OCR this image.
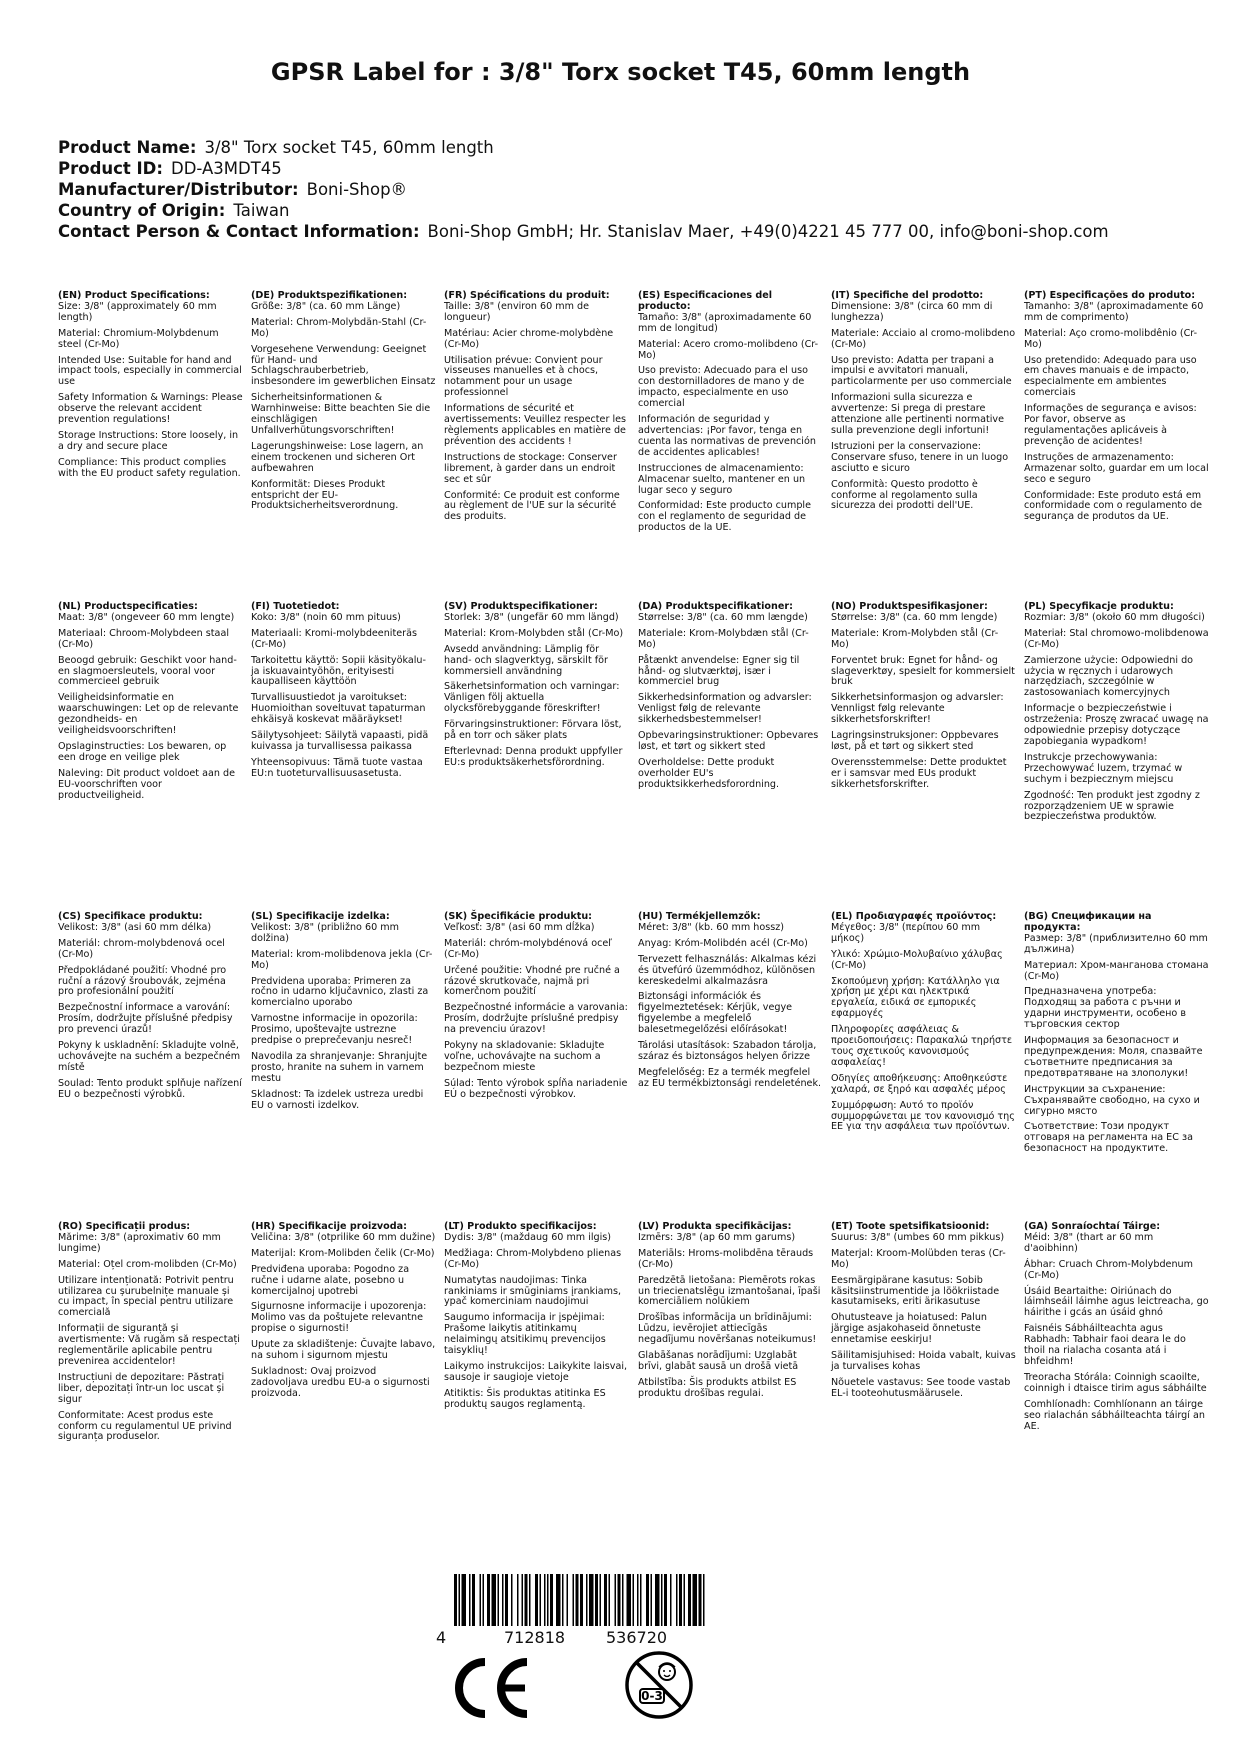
GPSR Label for : 3/8" Torx socket T45, 60mm length
Product Name: 3/8" Torx socket T45, 60mm length
Product ID: DD-A3MDT45
Manufacturer/Distributor: Boni-Shop®
Country of Origin: Taiwan
Contact Person & Contact Information: Boni-Shop GmbH; Hr. Stanislav Maer, +49(0)4221 45 777 00, info@boni-shop.com
(EN) Product Specifications:
Size: 3/8" (approximately 60 mm length)
Material: Chromium-Molybdenum steel (Cr-Mo)
Intended Use: Suitable for hand and impact tools, especially in commercial use
Safety Information & Warnings: Please observe the relevant accident prevention regulations!
Storage Instructions: Store loosely, in a dry and secure place
Compliance: This product complies with the EU product safety regulation.
(DE) Produktspezifikationen:
Größe: 3/8" (ca. 60 mm Länge)
Material: Chrom-Molybdän-Stahl (Cr-Mo)
Vorgesehene Verwendung: Geeignet für Hand- und Schlagschrauberbetrieb, insbesondere im gewerblichen Einsatz
Sicherheitsinformationen & Warnhinweise: Bitte beachten Sie die einschlägigen Unfallverhütungsvorschriften!
Lagerungshinweise: Lose lagern, an einem trockenen und sicheren Ort aufbewahren
Konformität: Dieses Produkt entspricht der EU-Produktsicherheitsverordnung.
(FR) Spécifications du produit:
Taille: 3/8" (environ 60 mm de longueur)
Matériau: Acier chrome-molybdène (Cr-Mo)
Utilisation prévue: Convient pour visseuses manuelles et à chocs, notamment pour un usage professionnel
Informations de sécurité et avertissements: Veuillez respecter les règlements applicables en matière de prévention des accidents !
Instructions de stockage: Conserver librement, à garder dans un endroit sec et sûr
Conformité: Ce produit est conforme au règlement de l'UE sur la sécurité des produits.
(ES) Especificaciones del producto:
Tamaño: 3/8" (aproximadamente 60 mm de longitud)
Material: Acero cromo-molibdeno (Cr-Mo)
Uso previsto: Adecuado para el uso con destornilladores de mano y de impacto, especialmente en uso comercial
Información de seguridad y advertencias: ¡Por favor, tenga en cuenta las normativas de prevención de accidentes aplicables!
Instrucciones de almacenamiento: Almacenar suelto, mantener en un lugar seco y seguro
Conformidad: Este producto cumple con el reglamento de seguridad de productos de la UE.
(IT) Specifiche del prodotto:
Dimensione: 3/8" (circa 60 mm di lunghezza)
Materiale: Acciaio al cromo-molibdeno (Cr-Mo)
Uso previsto: Adatta per trapani a impulsi e avvitatori manuali, particolarmente per uso commerciale
Informazioni sulla sicurezza e avvertenze: Si prega di prestare attenzione alle pertinenti normative sulla prevenzione degli infortuni!
Istruzioni per la conservazione: Conservare sfuso, tenere in un luogo asciutto e sicuro
Conformità: Questo prodotto è conforme al regolamento sulla sicurezza dei prodotti dell'UE.
(PT) Especificações do produto:
Tamanho: 3/8" (aproximadamente 60 mm de comprimento)
Material: Aço cromo-molibdênio (Cr-Mo)
Uso pretendido: Adequado para uso em chaves manuais e de impacto, especialmente em ambientes comerciais
Informações de segurança e avisos: Por favor, observe as regulamentações aplicáveis à prevenção de acidentes!
Instruções de armazenamento: Armazenar solto, guardar em um local seco e seguro
Conformidade: Este produto está em conformidade com o regulamento de segurança de produtos da UE.
(NL) Productspecificaties:
Maat: 3/8" (ongeveer 60 mm lengte)
Materiaal: Chroom-Molybdeen staal (Cr-Mo)
Beoogd gebruik: Geschikt voor hand- en slagmoersleutels, vooral voor commercieel gebruik
Veiligheidsinformatie en waarschuwingen: Let op de relevante gezondheids- en veiligheidsvoorschriften!
Opslaginstructies: Los bewaren, op een droge en veilige plek
Naleving: Dit product voldoet aan de EU-voorschriften voor productveiligheid.
(FI) Tuotetiedot:
Koko: 3/8" (noin 60 mm pituus)
Materiaali: Kromi-molybdeeniteräs (Cr-Mo)
Tarkoitettu käyttö: Sopii käsityökalu- ja iskuavaintyöhön, erityisesti kaupalliseen käyttöön
Turvallisuustiedot ja varoitukset: Huomioithan soveltuvat tapaturman ehkäisyä koskevat määräykset!
Säilytysohjeet: Säilytä vapaasti, pidä kuivassa ja turvallisessa paikassa
Yhteensopivuus: Tämä tuote vastaa EU:n tuoteturvallisuusasetusta.
(SV) Produktspecifikationer:
Storlek: 3/8" (ungefär 60 mm längd)
Material: Krom-Molybden stål (Cr-Mo)
Avsedd användning: Lämplig för hand- och slagverktyg, särskilt för kommersiell användning
Säkerhetsinformation och varningar: Vänligen följ aktuella olycksförebyggande föreskrifter!
Förvaringsinstruktioner: Förvara löst, på en torr och säker plats
Efterlevnad: Denna produkt uppfyller EU:s produktsäkerhetsförordning.
(DA) Produktspecifikationer:
Størrelse: 3/8" (ca. 60 mm længde)
Materiale: Krom-Molybdæn stål (Cr-Mo)
Påtænkt anvendelse: Egner sig til hånd- og slutværktøj, især i kommerciel brug
Sikkerhedsinformation og advarsler: Venligst følg de relevante sikkerhedsbestemmelser!
Opbevaringsinstruktioner: Opbevares løst, et tørt og sikkert sted
Overholdelse: Dette produkt overholder EU's produktsikkerhedsforordning.
(NO) Produktspesifikasjoner:
Størrelse: 3/8" (ca. 60 mm lengde)
Materiale: Krom-Molybden stål (Cr-Mo)
Forventet bruk: Egnet for hånd- og slageverktøy, spesielt for kommersielt bruk
Sikkerhetsinformasjon og advarsler: Vennligst følg relevante sikkerhetsforskrifter!
Lagringsinstruksjoner: Oppbevares løst, på et tørt og sikkert sted
Overensstemmelse: Dette produktet er i samsvar med EUs produkt sikkerhetsforskrifter.
(PL) Specyfikacje produktu:
Rozmiar: 3/8" (około 60 mm długości)
Materiał: Stal chromowo-molibdenowa (Cr-Mo)
Zamierzone użycie: Odpowiedni do użycia w ręcznych i udarowych narzędziach, szczególnie w zastosowaniach komercyjnych
Informacje o bezpieczeństwie i ostrzeżenia: Proszę zwracać uwagę na odpowiednie przepisy dotyczące zapobiegania wypadkom!
Instrukcje przechowywania: Przechowywać luzem, trzymać w suchym i bezpiecznym miejscu
Zgodność: Ten produkt jest zgodny z rozporządzeniem UE w sprawie bezpieczeństwa produktów.
(CS) Specifikace produktu:
Velikost: 3/8" (asi 60 mm délka)
Materiál: chrom-molybdenová ocel (Cr-Mo)
Předpokládané použití: Vhodné pro ruční a rázový šroubovák, zejména pro profesionální použití
Bezpečnostní informace a varování: Prosím, dodržujte příslušné předpisy pro prevenci úrazů!
Pokyny k uskladnění: Skladujte volně, uchovávejte na suchém a bezpečném místě
Soulad: Tento produkt splňuje nařízení EU o bezpečnosti výrobků.
(SL) Specifikacije izdelka:
Velikost: 3/8" (približno 60 mm dolžina)
Material: krom-molibdenova jekla (Cr-Mo)
Predvidena uporaba: Primeren za ročno in udarno ključavnico, zlasti za komercialno uporabo
Varnostne informacije in opozorila: Prosimo, upoštevajte ustrezne predpise o preprečevanju nesreč!
Navodila za shranjevanje: Shranjujte prosto, hranite na suhem in varnem mestu
Skladnost: Ta izdelek ustreza uredbi EU o varnosti izdelkov.
(SK) Špecifikácie produktu:
Veľkosť: 3/8" (asi 60 mm dĺžka)
Materiál: chróm-molybdénová oceľ (Cr-Mo)
Určené použitie: Vhodné pre ručné a rázové skrutkovače, najmä pri komerčnom použití
Bezpečnostné informácie a varovania: Prosím, dodržujte príslušné predpisy na prevenciu úrazov!
Pokyny na skladovanie: Skladujte voľne, uchovávajte na suchom a bezpečnom mieste
Súlad: Tento výrobok spĺňa nariadenie EÚ o bezpečnosti výrobkov.
(HU) Termékjellemzők:
Méret: 3/8" (kb. 60 mm hossz)
Anyag: Króm-Molibdén acél (Cr-Mo)
Tervezett felhasználás: Alkalmas kézi és ütvefúró üzemmódhoz, különösen kereskedelmi alkalmazásra
Biztonsági információk és figyelmeztetések: Kérjük, vegye figyelembe a megfelelő balesetmegelőzési előírásokat!
Tárolási utasítások: Szabadon tárolja, száraz és biztonságos helyen őrizze
Megfelelőség: Ez a termék megfelel az EU termékbiztonsági rendeletének.
(EL) Προδιαγραφές προϊόντος:
Μέγεθος: 3/8" (περίπου 60 mm μήκος)
Υλικό: Χρώμιο-Μολυβαίνιο χάλυβας (Cr-Mo)
Σκοπούμενη χρήση: Κατάλληλο για χρήση με χέρι και ηλεκτρικά εργαλεία, ειδικά σε εμπορικές εφαρμογές
Πληροφορίες ασφάλειας & προειδοποιήσεις: Παρακαλώ τηρήστε τους σχετικούς κανονισμούς ασφαλείας!
Οδηγίες αποθήκευσης: Αποθηκεύστε χαλαρά, σε ξηρό και ασφαλές μέρος
Συμμόρφωση: Αυτό το προϊόν συμμορφώνεται με τον κανονισμό της ΕΕ για την ασφάλεια των προϊόντων.
(BG) Спецификации на продукта:
Размер: 3/8" (приблизително 60 mm дължина)
Материал: Хром-манганова стомана (Cr-Mo)
Предназначена употреба: Подходящ за работа с ръчни и ударни инструменти, особено в търговския сектор
Информация за безопасност и предупреждения: Моля, спазвайте съответните предписания за предотвратяване на злополуки!
Инструкции за съхранение: Съхранявайте свободно, на сухо и сигурно място
Съответствие: Този продукт отговаря на регламента на ЕС за безопасност на продуктите.
(RO) Specificații produs:
Mărime: 3/8" (aproximativ 60 mm lungime)
Material: Oțel crom-molibden (Cr-Mo)
Utilizare intenționată: Potrivit pentru utilizarea cu șurubelnițe manuale și cu impact, în special pentru utilizare comercială
Informații de siguranță și avertismente: Vă rugăm să respectați reglementările aplicabile pentru prevenirea accidentelor!
Instrucțiuni de depozitare: Păstrați liber, depozitați într-un loc uscat și sigur
Conformitate: Acest produs este conform cu regulamentul UE privind siguranța produselor.
(HR) Specifikacije proizvoda:
Veličina: 3/8" (otprilike 60 mm dužine)
Materijal: Krom-Molibden čelik (Cr-Mo)
Predviđena uporaba: Pogodno za ručne i udarne alate, posebno u komercijalnoj upotrebi
Sigurnosne informacije i upozorenja: Molimo vas da poštujete relevantne propise o sigurnosti!
Upute za skladištenje: Čuvajte labavo, na suhom i sigurnom mjestu
Sukladnost: Ovaj proizvod zadovoljava uredbu EU-a o sigurnosti proizvoda.
(LT) Produkto specifikacijos:
Dydis: 3/8" (maždaug 60 mm ilgis)
Medžiaga: Chrom-Molybdeno plienas (Cr-Mo)
Numatytas naudojimas: Tinka rankiniams ir smūginiams įrankiams, ypač komerciniam naudojimui
Saugumo informacija ir įspėjimai: Prašome laikytis atitinkamų nelaimingų atsitikimų prevencijos taisyklių!
Laikymo instrukcijos: Laikykite laisvai, sausoje ir saugioje vietoje
Atitiktis: Šis produktas atitinka ES produktų saugos reglamentą.
(LV) Produkta specifikācijas:
Izmērs: 3/8" (ap 60 mm garums)
Materiāls: Hroms-molibdēna tērauds (Cr-Mo)
Paredzētā lietošana: Piemērots rokas un triecienatslēgu izmantošanai, īpaši komerciāliem nolūkiem
Drošības informācija un brīdinājumi: Lūdzu, ievērojiet attiecīgās negadījumu novēršanas noteikumus!
Glabāšanas norādījumi: Uzglabāt brīvi, glabāt sausā un drošā vietā
Atbilstība: Šis produkts atbilst ES produktu drošības regulai.
(ET) Toote spetsifikatsioonid:
Suurus: 3/8" (umbes 60 mm pikkus)
Materjal: Kroom-Molübden teras (Cr-Mo)
Eesmärgipärane kasutus: Sobib käsitsiinstrumentide ja löökriistade kasutamiseks, eriti ärikasutuse
Ohutusteave ja hoiatused: Palun järgige asjakohaseid õnnetuste ennetamise eeskirju!
Säilitamisjuhised: Hoida vabalt, kuivas ja turvalises kohas
Nõuetele vastavus: See toode vastab EL-i tooteohutusmäärusele.
(GA) Sonraíochtaí Táirge:
Méid: 3/8" (thart ar 60 mm d'aoibhinn)
Ábhar: Cruach Chrom-Molybdenum (Cr-Mo)
Úsáid Beartaithe: Oiriúnach do láimhseáil láimhe agus leictreacha, go háirithe i gcás an úsáid ghnó
Faisnéis Sábháilteachta agus Rabhadh: Tabhair faoi deara le do thoil na rialacha cosanta atá i bhfeidhm!
Treoracha Stórála: Coinnigh scaoilte, coinnigh i dtaisce tirim agus sábháilte
Comhlíonadh: Comhlíonann an táirge seo rialachán sábháilteachta táirgí an AE.
4	712818	536720
0-3
